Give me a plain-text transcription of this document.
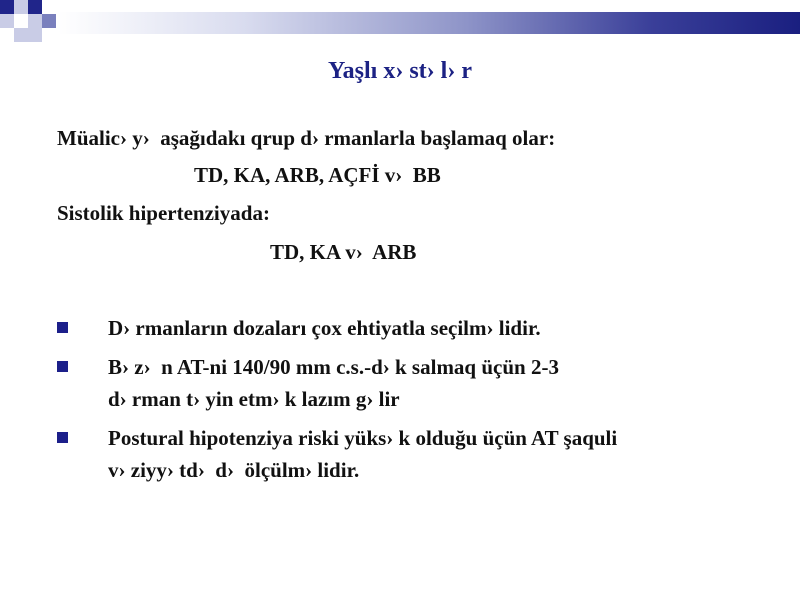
Yaşlı x› st› l› r

Müalic› y›  aşağıdakı qrup d› rmanlarla başlamaq olar:

TD, KA, ARB, AÇFİ v›  BB

Sistolik hipertenziyada:

TD, KA v›  ARB

D› rmanların dozaları çox ehtiyatla seçilm› lidir.

B› z›  n AT-ni 140/90 mm c.s.-d› k salmaq üçün 2-3

d› rman t› yin etm› k lazım g› lir

Postural hipotenziya riski yüks› k olduğu üçün AT şaquli

v› ziyy› td›  d›  ölçülm› lidir.
